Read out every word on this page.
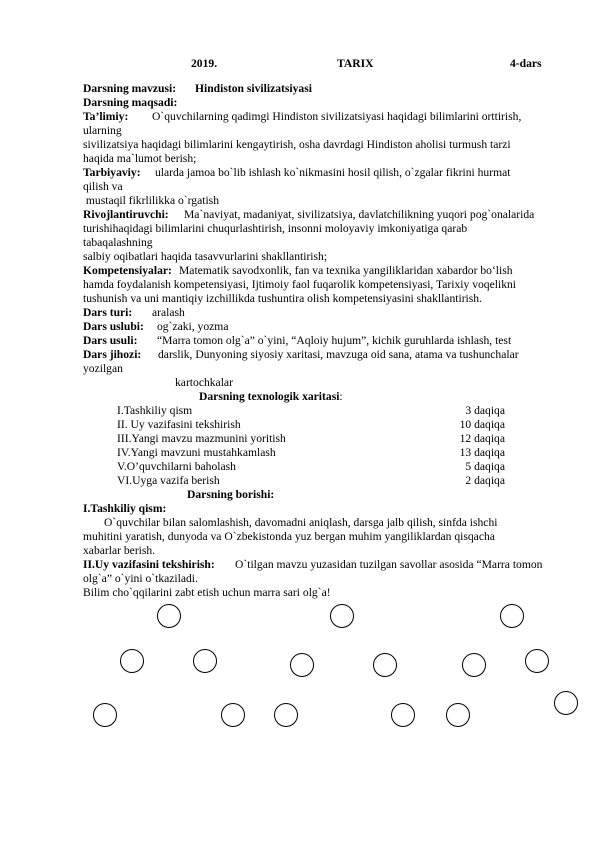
2019.	TARIX	4-dars
Darsning mavzusi: Hindiston sivilizatsiyasi
Darsning maqsadi:
Ta’limiy: O`quvchilarning qadimgi Hindiston sivilizatsiyasi haqidagi bilimlarini orttirish,
ularning
sivilizatsiya haqidagi bilimlarini kengaytirish, osha davrdagi Hindiston aholisi turmush tarzi
haqida ma`lumot berish;
Tarbiyaviy: ularda jamoa bo`lib ishlash ko`nikmasini hosil qilish, o`zgalar fikrini hurmat
qilish va
mustaqil fikrlilikka o`rgatish
Rivojlantiruvchi: Ma`naviyat, madaniyat, sivilizatsiya, davlatchilikning yuqori pog`onalarida
turishihaqidagi bilimlarini chuqurlashtirish, insonni moloyaviy imkoniyatiga qarab
tabaqalashning
salbiy oqibatlari haqida tasavvurlarini shakllantirish;
Kompetensiyalar: Matematik savodxonlik, fan va texnika yangiliklaridan xabardor bo‘lish
hamda foydalanish kompetensiyasi, Ijtimoiy faol fuqarolik kompetensiyasi, Tarixiy voqelikni
tushunish va uni mantiqiy izchillikda tushuntira olish kompetensiyasini shakllantirish.
Dars turi: aralash
Dars uslubi: og`zaki, yozma
Dars usuli: “Marra tomon olg`a” o`yini, “Aqloiy hujum”, kichik guruhlarda ishlash, test
Dars jihozi: darslik, Dunyoning siyosiy xaritasi, mavzuga oid sana, atama va tushunchalar
yozilgan
kartochkalar
Darsning texnologik xaritasi:
I.Tashkiliy qism	3 daqiqa
II. Uy vazifasini tekshirish	10 daqiqa
III.Yangi mavzu mazmunini yoritish	12 daqiqa
IV.Yangi mavzuni mustahkamlash	13 daqiqa
V.O’quvchilarni baholash	5 daqiqa
VI.Uyga vazifa berish	2 daqiqa
Darsning borishi:
I.Tashkiliy qism:
O`quvchilar bilan salomlashish, davomadni aniqlash, darsga jalb qilish, sinfda ishchi
muhitini yaratish, dunyoda va O`zbekistonda yuz bergan muhim yangiliklardan qisqacha
xabarlar berish.
II.Uy vazifasini tekshirish: O`tilgan mavzu yuzasidan tuzilgan savollar asosida “Marra tomon
olg`a” o`yini o`tkaziladi.
Bilim cho`qqilarini zabt etish uchun marra sari olg`a!
